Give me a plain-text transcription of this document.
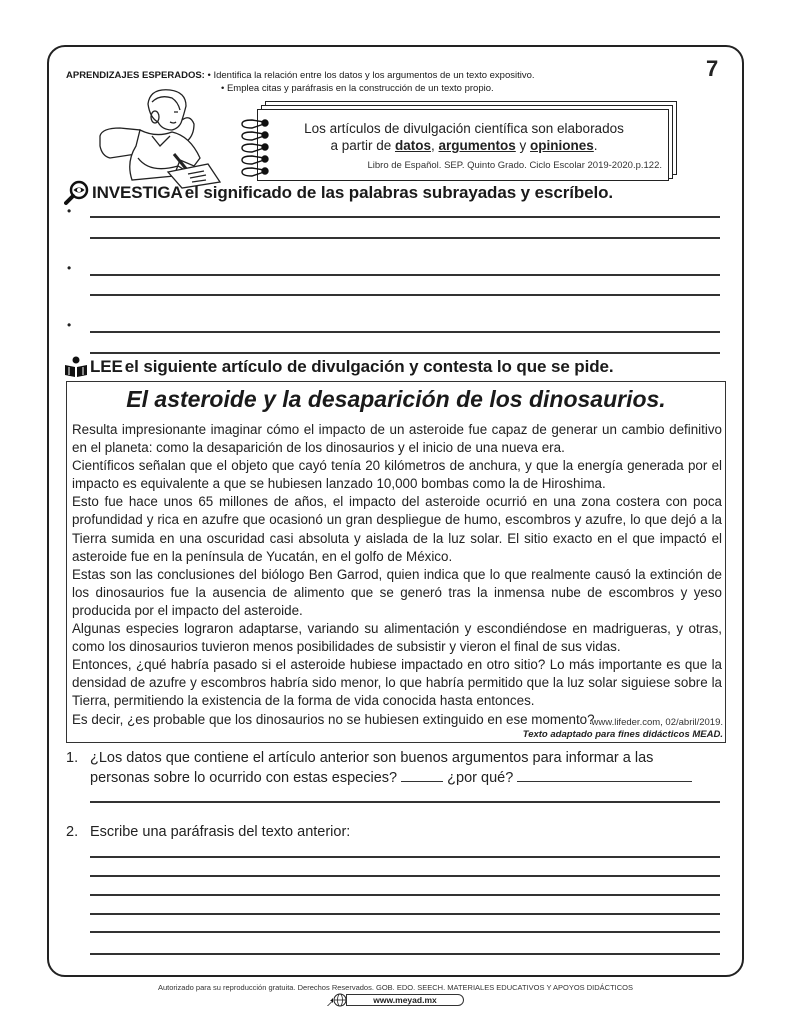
7
APRENDIZAJES ESPERADOS:
• Identifica la relación entre los datos y los argumentos de un texto expositivo.
• Emplea citas y paráfrasis en la construcción de un texto propio.
Los artículos de divulgación científica son elaborados
a partir de datos, argumentos y opiniones.
Libro de Español. SEP. Quinto Grado. Ciclo Escolar 2019-2020.p.122.
INVESTIGA el significado de las palabras subrayadas y escríbelo.
•
•
•
LEE el siguiente artículo de divulgación y contesta lo que se pide.
El asteroide y la desaparición de los dinosaurios.

Resulta impresionante imaginar cómo el impacto de un asteroide fue capaz de generar un cambio definitivo en el planeta: como la desaparición de los dinosaurios y el inicio de una nueva era.

Científicos señalan que el objeto que cayó tenía 20 kilómetros de anchura, y que la energía generada por el impacto es equivalente a que se hubiesen lanzado 10,000 bombas como la de Hiroshima.

Esto fue hace unos 65 millones de años, el impacto del asteroide ocurrió en una zona costera con poca profundidad y rica en azufre que ocasionó un gran despliegue de humo, escombros y azufre, lo que dejó a la Tierra sumida en una oscuridad casi absoluta y aislada de la luz solar. El sitio exacto en el que impactó el asteroide fue en la península de Yucatán, en el golfo de México.

Estas son las conclusiones del biólogo Ben Garrod, quien indica que lo que realmente causó la extinción de los dinosaurios fue la ausencia de alimento que se generó tras la inmensa nube de escombros y yeso producida por el impacto del asteroide.

Algunas especies lograron adaptarse, variando su alimentación y escondiéndose en madrigueras, y otras, como los dinosaurios tuvieron menos posibilidades de subsistir y vieron el final de sus vidas.

Entonces, ¿qué habría pasado si el asteroide hubiese impactado en otro sitio? Lo más importante es que la densidad de azufre y escombros habría sido menor, lo que habría permitido que la luz solar siguiese sobre la Tierra, permitiendo la existencia de la forma de vida conocida hasta entonces.

Es decir, ¿es probable que los dinosaurios no se hubiesen extinguido en ese momento?

www.lifeder.com, 02/abril/2019.
Texto adaptado para fines didácticos MEAD.
1. ¿Los datos que contiene el artículo anterior son buenos argumentos para informar a las
personas sobre lo ocurrido con estas especies?	¿por qué?
2. Escribe una paráfrasis del texto anterior:
Autorizado para su reproducción gratuita. Derechos Reservados. GOB. EDO. SEECH. MATERIALES EDUCATIVOS Y APOYOS DIDÁCTICOS
www.meyad.mx
